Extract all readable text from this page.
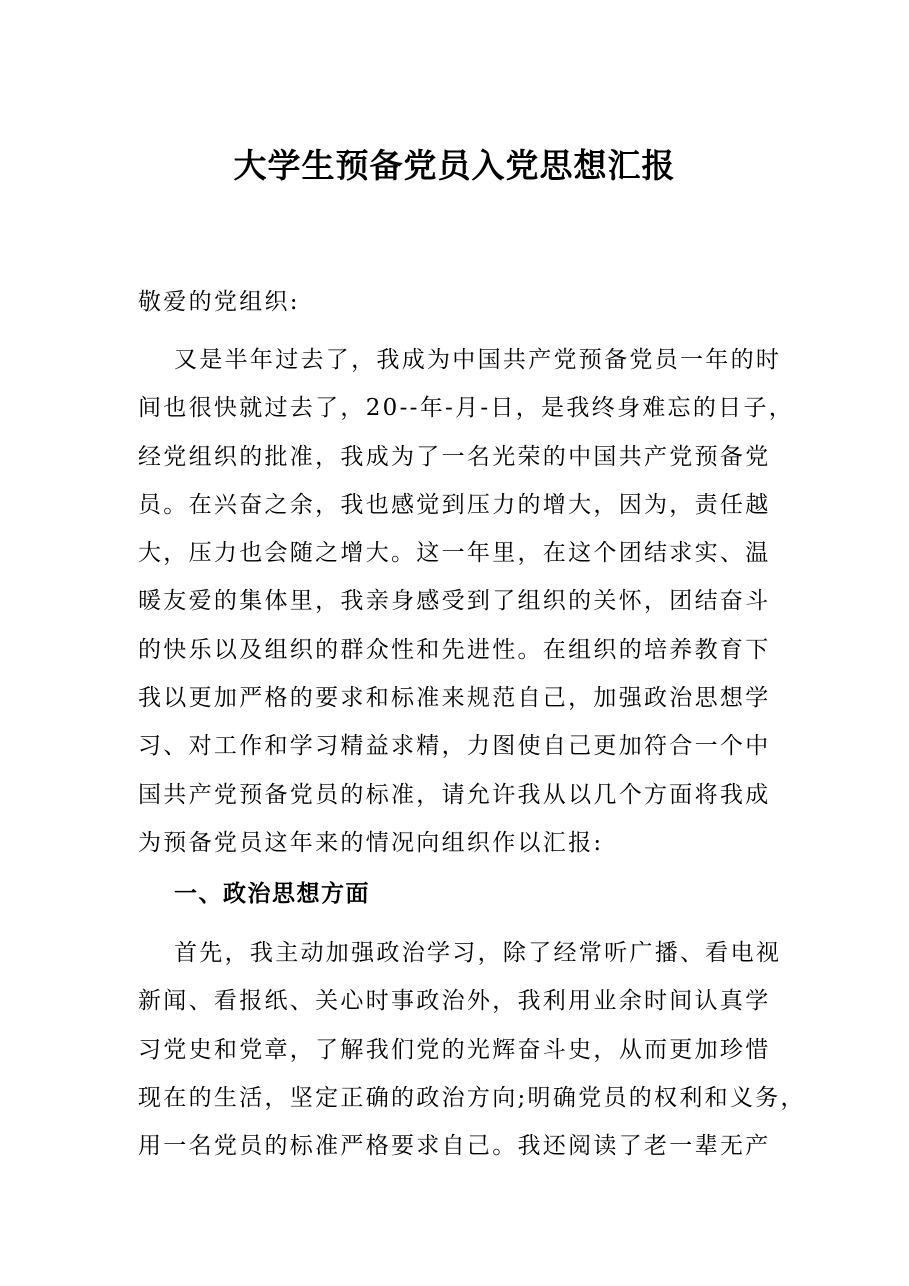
大学生预备党员入党思想汇报
敬爱的党组织:
又是半年过去了，我成为中国共产党预备党员一年的时
间也很快就过去了，20--年-月-日，是我终身难忘的日子，
经党组织的批准，我成为了一名光荣的中国共产党预备党
员。在兴奋之余，我也感觉到压力的增大，因为，责任越
大，压力也会随之增大。这一年里，在这个团结求实、温
暖友爱的集体里，我亲身感受到了组织的关怀，团结奋斗
的快乐以及组织的群众性和先进性。在组织的培养教育下
我以更加严格的要求和标准来规范自己，加强政治思想学
习、对工作和学习精益求精，力图使自己更加符合一个中
国共产党预备党员的标准，请允许我从以几个方面将我成
为预备党员这年来的情况向组织作以汇报:
一、政治思想方面
首先，我主动加强政治学习，除了经常听广播、看电视
新闻、看报纸、关心时事政治外，我利用业余时间认真学
习党史和党章，了解我们党的光辉奋斗史，从而更加珍惜
现在的生活，坚定正确的政治方向;明确党员的权利和义务，
用一名党员的标准严格要求自己。我还阅读了老一辈无产
